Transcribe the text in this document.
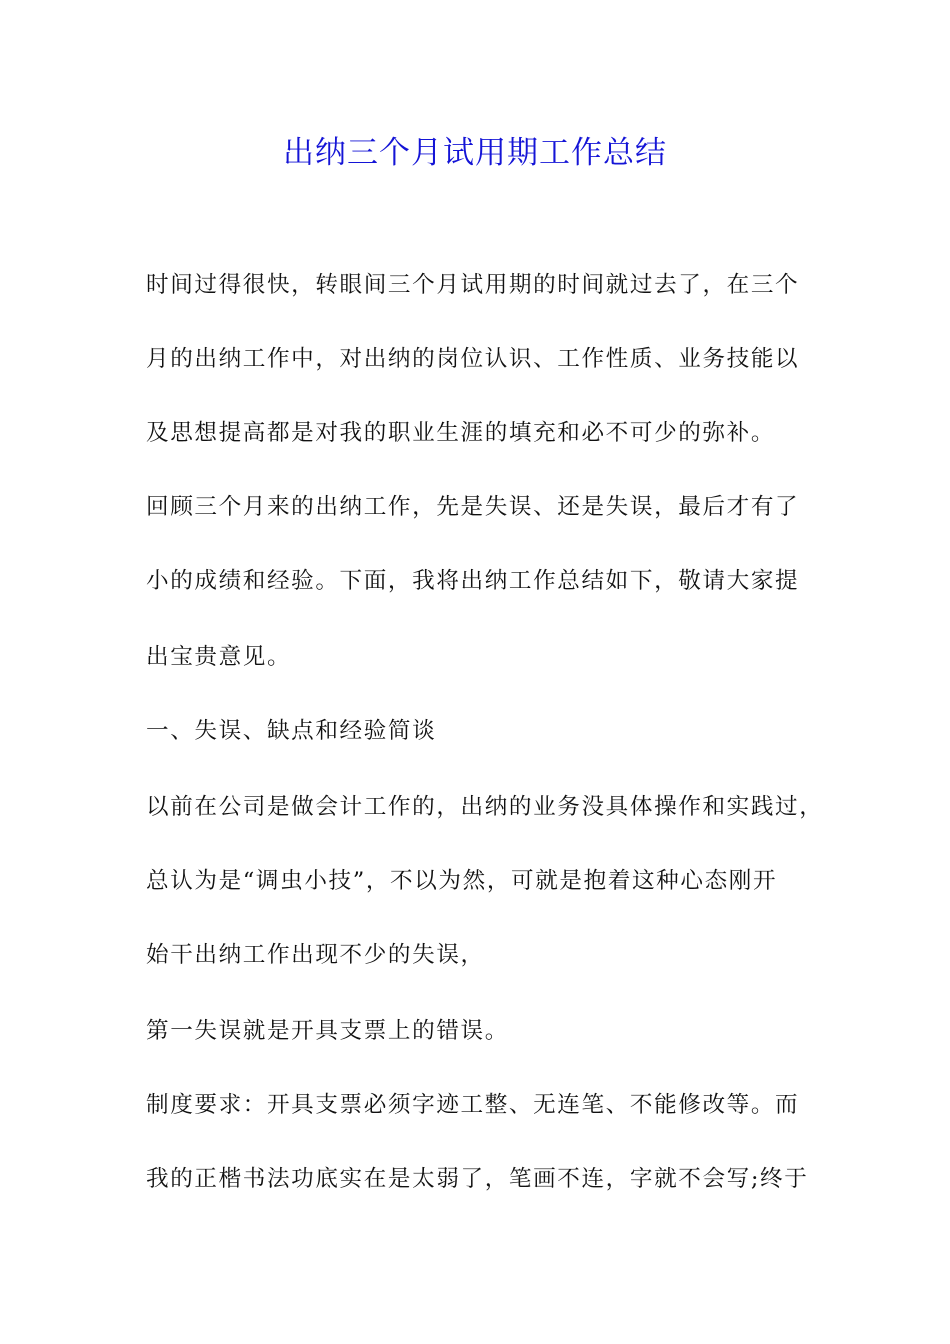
出纳三个月试用期工作总结
时间过得很快，转眼间三个月试用期的时间就过去了，在三个
月的出纳工作中，对出纳的岗位认识、工作性质、业务技能以
及思想提高都是对我的职业生涯的填充和必不可少的弥补。
回顾三个月来的出纳工作，先是失误、还是失误，最后才有了
小的成绩和经验。下面，我将出纳工作总结如下，敬请大家提
出宝贵意见。
一、失误、缺点和经验简谈
以前在公司是做会计工作的，出纳的业务没具体操作和实践过，
总认为是“调虫小技”，不以为然，可就是抱着这种心态刚开
始干出纳工作出现不少的失误，
第一失误就是开具支票上的错误。
制度要求：开具支票必须字迹工整、无连笔、不能修改等。而
我的正楷书法功底实在是太弱了，笔画不连，字就不会写;终于
